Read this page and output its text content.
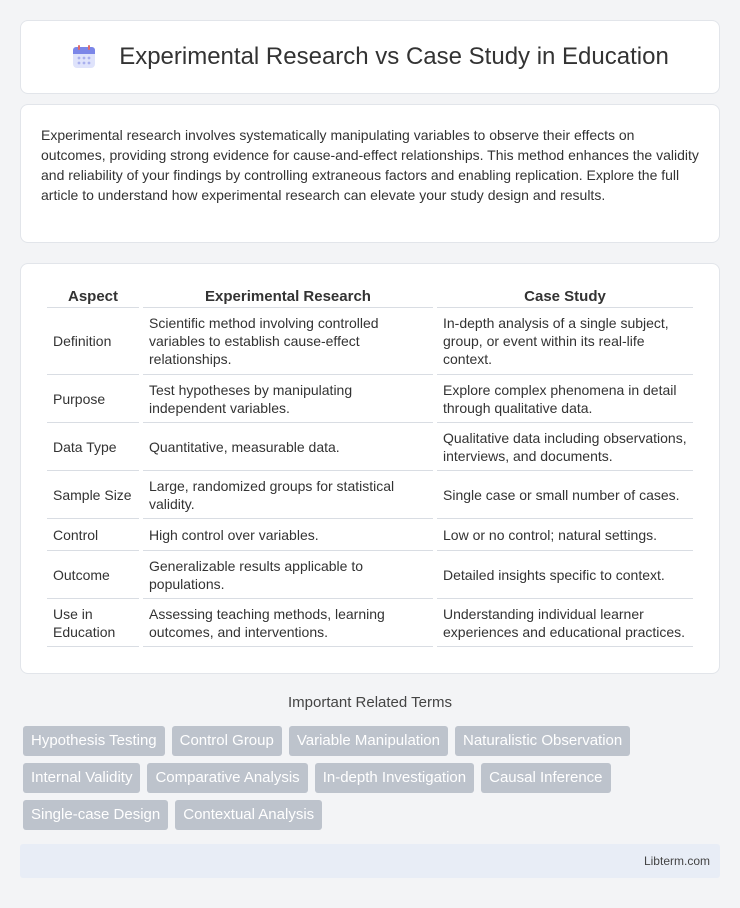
Experimental Research vs Case Study in Education

Experimental research involves systematically manipulating variables to observe their effects on outcomes, providing strong evidence for cause-and-effect relationships. This method enhances the validity and reliability of your findings by controlling extraneous factors and enabling replication. Explore the full article to understand how experimental research can elevate your study design and results.

Aspect	Experimental Research	Case Study
Definition	Scientific method involving controlled variables to establish cause-effect relationships.	In-depth analysis of a single subject, group, or event within its real-life context.
Purpose	Test hypotheses by manipulating independent variables.	Explore complex phenomena in detail through qualitative data.
Data Type	Quantitative, measurable data.	Qualitative data including observations, interviews, and documents.
Sample Size	Large, randomized groups for statistical validity.	Single case or small number of cases.
Control	High control over variables.	Low or no control; natural settings.
Outcome	Generalizable results applicable to populations.	Detailed insights specific to context.
Use in Education	Assessing teaching methods, learning outcomes, and interventions.	Understanding individual learner experiences and educational practices.
Important Related Terms
Hypothesis Testing	Control Group	Variable Manipulation	Naturalistic Observation
Internal Validity	Comparative Analysis	In-depth Investigation	Causal Inference
Single-case Design	Contextual Analysis
Libterm.com
